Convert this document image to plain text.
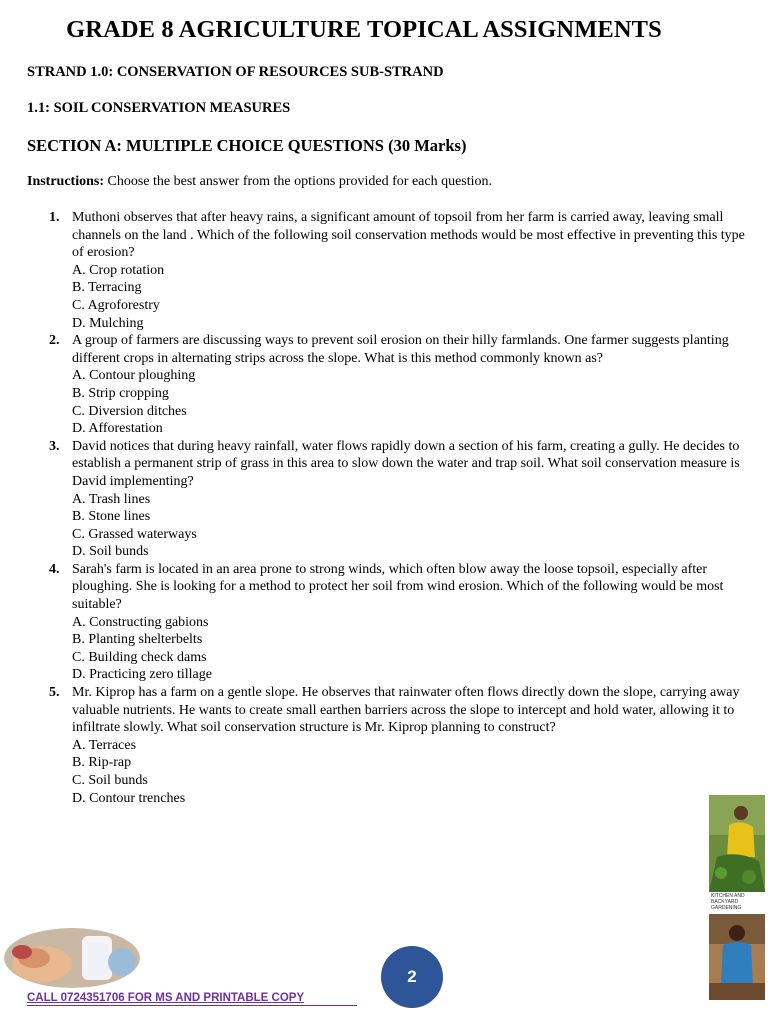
GRADE 8 AGRICULTURE TOPICAL ASSIGNMENTS
STRAND 1.0: CONSERVATION OF RESOURCES SUB-STRAND
1.1: SOIL CONSERVATION MEASURES
SECTION A: MULTIPLE CHOICE QUESTIONS (30 Marks)
Instructions: Choose the best answer from the options provided for each question.
1. Muthoni observes that after heavy rains, a significant amount of topsoil from her farm is carried away, leaving small channels on the land . Which of the following soil conservation methods would be most effective in preventing this type of erosion?
A. Crop rotation
B. Terracing
C. Agroforestry
D. Mulching
2. A group of farmers are discussing ways to prevent soil erosion on their hilly farmlands. One farmer suggests planting different crops in alternating strips across the slope. What is this method commonly known as?
A. Contour ploughing
B. Strip cropping
C. Diversion ditches
D. Afforestation
3. David notices that during heavy rainfall, water flows rapidly down a section of his farm, creating a gully. He decides to establish a permanent strip of grass in this area to slow down the water and trap soil. What soil conservation measure is David implementing?
A. Trash lines
B. Stone lines
C. Grassed waterways
D. Soil bunds
4. Sarah's farm is located in an area prone to strong winds, which often blow away the loose topsoil, especially after ploughing. She is looking for a method to protect her soil from wind erosion. Which of the following would be most suitable?
A. Constructing gabions
B. Planting shelterbelts
C. Building check dams
D. Practicing zero tillage
5. Mr. Kiprop has a farm on a gentle slope. He observes that rainwater often flows directly down the slope, carrying away valuable nutrients. He wants to create small earthen barriers across the slope to intercept and hold water, allowing it to infiltrate slowly. What soil conservation structure is Mr. Kiprop planning to construct?
A. Terraces
B. Rip-rap
C. Soil bunds
D. Contour trenches
KITCHEN AND BACKYARD GARDENING
2
CALL 0724351706 FOR MS AND PRINTABLE COPY
